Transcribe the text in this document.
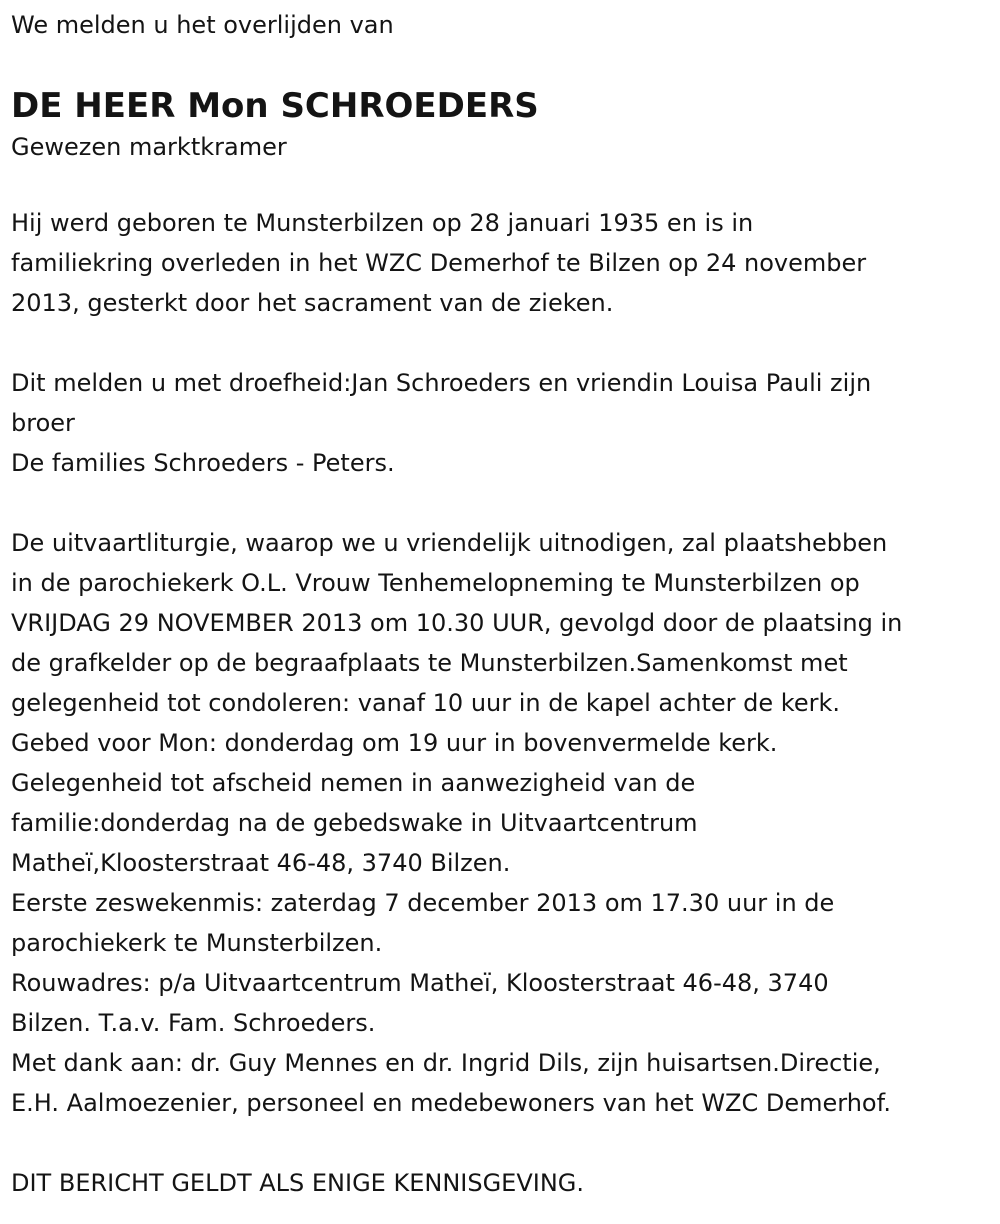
We melden u het overlijden van

DE HEER Mon SCHROEDERS

Gewezen marktkramer

Hij werd geboren te Munsterbilzen op 28 januari 1935 en is in
familiekring overleden in het WZC Demerhof te Bilzen op 24 november
2013, gesterkt door het sacrament van de zieken.

Dit melden u met droefheid:Jan Schroeders en vriendin Louisa Pauli zijn
broer
De families Schroeders - Peters.

De uitvaartliturgie, waarop we u vriendelijk uitnodigen, zal plaatshebben
in de parochiekerk O.L. Vrouw Tenhemelopneming te Munsterbilzen op
VRIJDAG 29 NOVEMBER 2013 om 10.30 UUR, gevolgd door de plaatsing in
de grafkelder op de begraafplaats te Munsterbilzen.Samenkomst met
gelegenheid tot condoleren: vanaf 10 uur in de kapel achter de kerk.
Gebed voor Mon: donderdag om 19 uur in bovenvermelde kerk.
Gelegenheid tot afscheid nemen in aanwezigheid van de
familie:donderdag na de gebedswake in Uitvaartcentrum
Matheï,Kloosterstraat 46-48, 3740 Bilzen.
Eerste zeswekenmis: zaterdag 7 december 2013 om 17.30 uur in de
parochiekerk te Munsterbilzen.
Rouwadres: p/a Uitvaartcentrum Matheï, Kloosterstraat 46-48, 3740
Bilzen. T.a.v. Fam. Schroeders.
Met dank aan: dr. Guy Mennes en dr. Ingrid Dils, zijn huisartsen.Directie,
E.H. Aalmoezenier, personeel en medebewoners van het WZC Demerhof.

DIT BERICHT GELDT ALS ENIGE KENNISGEVING.
